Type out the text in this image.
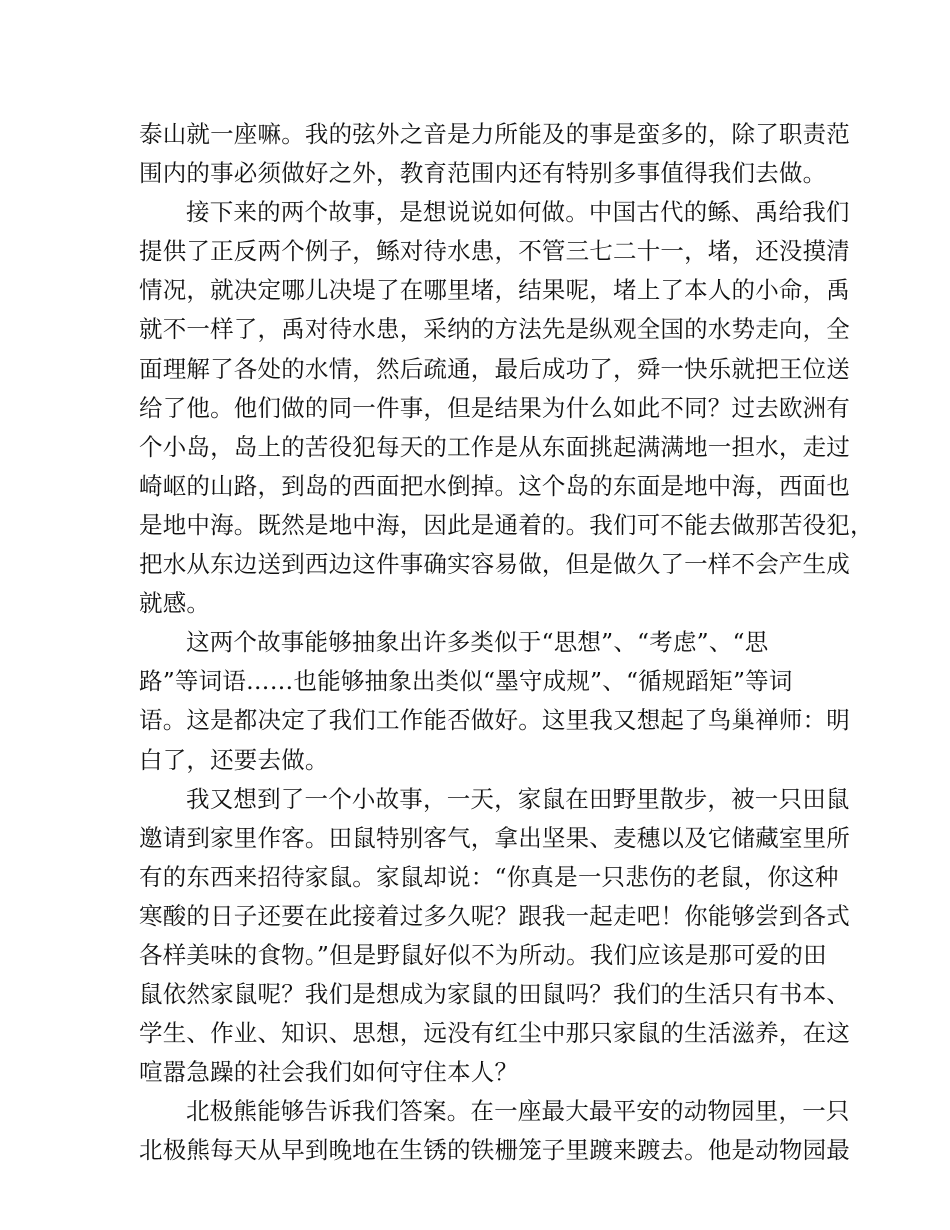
泰山就一座嘛。我的弦外之音是力所能及的事是蛮多的，除了职责范
围内的事必须做好之外，教育范围内还有特别多事值得我们去做。
接下来的两个故事，是想说说如何做。中国古代的鲧、禹给我们
提供了正反两个例子，鲧对待水患，不管三七二十一，堵，还没摸清
情况，就决定哪儿决堤了在哪里堵，结果呢，堵上了本人的小命，禹
就不一样了，禹对待水患，采纳的方法先是纵观全国的水势走向，全
面理解了各处的水情，然后疏通，最后成功了，舜一快乐就把王位送
给了他。他们做的同一件事，但是结果为什么如此不同？过去欧洲有
个小岛，岛上的苦役犯每天的工作是从东面挑起满满地一担水，走过
崎岖的山路，到岛的西面把水倒掉。这个岛的东面是地中海，西面也
是地中海。既然是地中海，因此是通着的。我们可不能去做那苦役犯，
把水从东边送到西边这件事确实容易做，但是做久了一样不会产生成
就感。
这两个故事能够抽象出许多类似于“思想”、“考虑”、“思
路”等词语……也能够抽象出类似“墨守成规”、“循规蹈矩”等词
语。这是都决定了我们工作能否做好。这里我又想起了鸟巢禅师：明
白了，还要去做。
我又想到了一个小故事，一天，家鼠在田野里散步，被一只田鼠
邀请到家里作客。田鼠特别客气，拿出坚果、麦穗以及它储藏室里所
有的东西来招待家鼠。家鼠却说：“你真是一只悲伤的老鼠，你这种
寒酸的日子还要在此接着过多久呢？跟我一起走吧！你能够尝到各式
各样美味的食物。”但是野鼠好似不为所动。我们应该是那可爱的田
鼠依然家鼠呢？我们是想成为家鼠的田鼠吗？我们的生活只有书本、
学生、作业、知识、思想，远没有红尘中那只家鼠的生活滋养，在这
喧嚣急躁的社会我们如何守住本人？
北极熊能够告诉我们答案。在一座最大最平安的动物园里，一只
北极熊每天从早到晚地在生锈的铁栅笼子里踱来踱去。他是动物园最
